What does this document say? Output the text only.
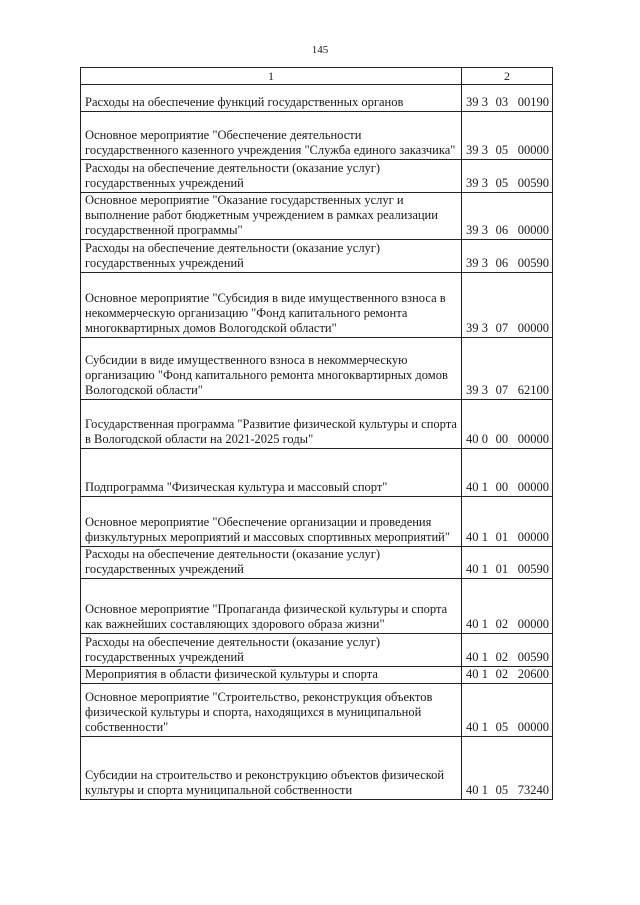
145
1	2
Расходы на обеспечение функций государственных органов	39 3 03 00190

Основное мероприятие "Обеспечение деятельности государственного казенного учреждения "Служба единого заказчика"	39 3 05 00000

Расходы на обеспечение деятельности (оказание услуг) государственных учреждений	39 3 05 00590

Основное мероприятие "Оказание государственных услуг и выполнение работ бюджетным учреждением в рамках реализации государственной программы"	39 3 06 00000

Расходы на обеспечение деятельности (оказание услуг) государственных учреждений	39 3 06 00590

Основное мероприятие "Субсидия в виде имущественного взноса в некоммерческую организацию "Фонд капитального ремонта многоквартирных домов Вологодской области"	39 3 07 00000

Субсидии в виде имущественного взноса в некоммерческую организацию "Фонд капитального ремонта многоквартирных домов Вологодской области"	39 3 07 62100

Государственная программа "Развитие физической культуры и спорта в Вологодской области на 2021-2025 годы"	40 0 00 00000

Подпрограмма "Физическая культура и массовый спорт"	40 1 00 00000

Основное мероприятие "Обеспечение организации и проведения физкультурных мероприятий и массовых спортивных мероприятий"	40 1 01 00000

Расходы на обеспечение деятельности (оказание услуг) государственных учреждений	40 1 01 00590

Основное мероприятие "Пропаганда физической культуры и спорта как важнейших составляющих здорового образа жизни"	40 1 02 00000

Расходы на обеспечение деятельности (оказание услуг) государственных учреждений	40 1 02 00590

Мероприятия в области физической культуры и спорта	40 1 02 20600

Основное мероприятие "Строительство, реконструкция объектов физической культуры и спорта, находящихся в муниципальной собственности"	40 1 05 00000

Субсидии на строительство и реконструкцию объектов физической культуры и спорта муниципальной собственности	40 1 05 73240
